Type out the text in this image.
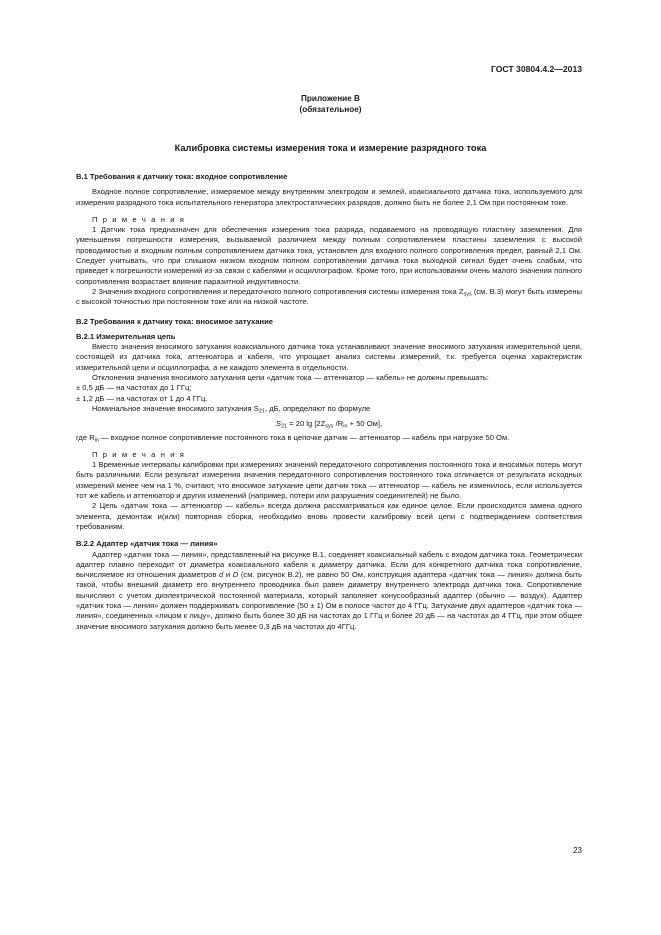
ГОСТ 30804.4.2—2013
Приложение В
(обязательное)
Калибровка системы измерения тока и измерение разрядного тока

В.1 Требования к датчику тока: входное сопротивление

Входное полное сопротивление, измеряемое между внутренним электродом и землей, коаксиального датчика тока, используемого для измерения разрядного тока испытательного генератора электростатических разрядов, должно быть не более 2,1 Ом при постоянном токе.

П р и м е ч а н и я

1 Датчик тока предназначен для обеспечения измерения тока разряда, подаваемого на проводящую пластину заземления. Для уменьшения погрешности измерения, вызываемой различием между полным сопротивлением пластины заземления с высокой проводимостью и входным полным сопротивлением датчика тока, установлен для входного полного сопротивления предел, равный 2,1 Ом. Следует учитывать, что при слишком низком входном полном сопротивлении датчика тока выходной сигнал будет очень слабым, что приведет к погрешности измерений из-за связи с кабелями и осциллографом. Кроме того, при использовании очень малого значения полного сопротивления возрастает влияние паразитной индуктивности.

2 Значения входного сопротивления и передаточного полного сопротивления системы измерения тока $Z_{sys}$ (см. В.3) могут быть измерены с высокой точностью при постоянном токе или на низкой частоте.

В.2 Требования к датчику тока: вносимое затухание

В.2.1 Измерительная цепь

Вместо значения вносимого затухания коаксиального датчика тока устанавливают значение вносимого затухания измерительной цепи, состоящей из датчика тока, аттенюатора и кабеля, что упрощает анализ системы измерений, т.к. требуется оценка характеристик измерительной цепи и осциллографа, а не каждого элемента в отдельности.

Отклонения значения вносимого затухания цепи «датчик тока — аттенюатор — кабель» не должны превышать:

± 0,5 дБ — на частотах до 1 ГГц;

± 1,2 дБ — на частотах от 1 до 4 ГГц.

Номинальное значение вносимого затухания $S_{21}$, дБ, определяют по формуле

$S_{21} = 20$ $\lg [2Z_{sys}$ $/R_{in} + 50$ Ом],

где $R_{in}$ — входное полное сопротивление постоянного тока в цепочке датчик — аттенюатор — кабель при нагрузке 50 Ом.

П р и м е ч а н и я

1 Временные интервалы калибровки при измерениях значений передаточного сопротивления постоянного тока и вносимых потерь могут быть различными. Если результат измерения значения передаточного сопротивления постоянного тока отличается от результата исходных измерений менее чем на 1 %, считают, что вносимое затухание цепи датчик тока — аттенюатор — кабель не изменилось, если используется тот же кабель и аттенюатор и других изменений (например, потери или разрушения соединителей) не было.

2 Цепь «датчик тока — аттенюатор — кабель» всегда должна рассматриваться как единое целое. Если происходится замена одного элемента, демонтаж и(или) повторная сборка, необходимо вновь провести калибровку всей цепи с подтверждением соответствия требованиям.

В.2.2 Адаптер «датчик тока — линия»

Адаптер «датчик тока — линия», представленный на рисунке В.1, соединяет коаксиальный кабель с входом датчика тока. Геометрически адаптер плавно переходит от диаметра коаксиального кабеля к диаметру датчика. Если для конкретного датчика тока сопротивление, вычисляемое из отношения диаметров d и D (см. рисунок В.2), не равно 50 Ом, конструкция адаптера «датчик тока — линия» должна быть такой, чтобы внешний диаметр его внутреннего проводника был равен диаметру внутреннего электрода датчика тока. Сопротивление вычисляют с учетом диэлектрической постоянной материала, который заполняет конусообразный адаптер (обычно — воздух). Адаптер «датчик тока — линия» должен поддерживать сопротивление (50 ± 1) Ом в полосе частот до 4 ГГц. Затухание двух адаптеров «датчик тока — линия», соединенных «лицом к лицу», должно быть более 30 дБ на частотах до 1 ГГц и более 20 дБ — на частотах до 4 ГГц, при этом общее значение вносимого затухания должно быть менее 0,3 дБ на частотах до 4ГГц.

23
